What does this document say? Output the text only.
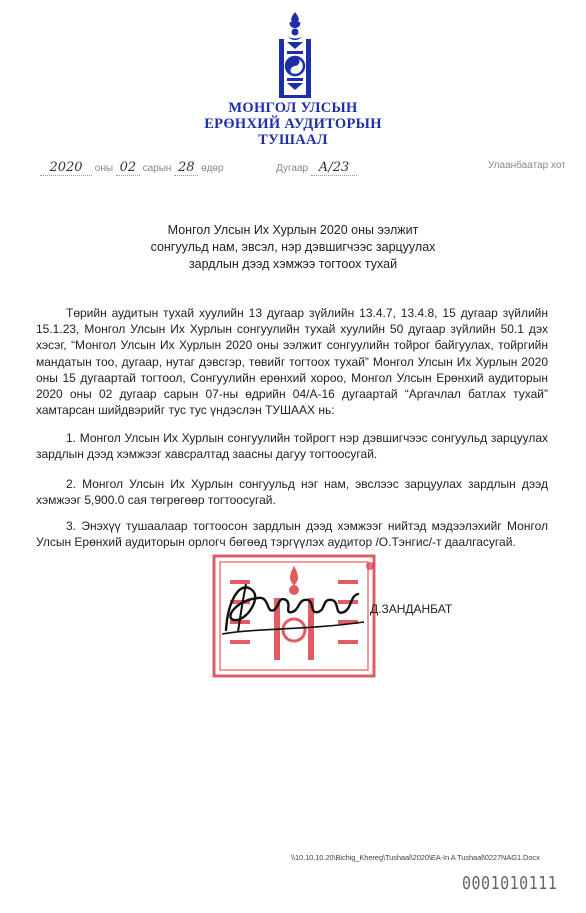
МОНГОЛ УЛСЫН
ЕРӨНХИЙ АУДИТОРЫН
ТУШААЛ
2020 оны 02 сарын 28 өдөр	Дугаар А/23	Улаанбаатар хот
Монгол Улсын Их Хурлын 2020 оны ээлжит
сонгуульд нам, эвсэл, нэр дэвшигчээс зарцуулах
зардлын дээд хэмжээ тогтоох тухай

Төрийн аудитын тухай хуулийн 13 дугаар зүйлийн 13.4.7, 13.4.8, 15 дугаар зүйлийн 15.1.23, Монгол Улсын Их Хурлын сонгуулийн тухай хуулийн 50 дугаар зүйлийн 50.1 дэх хэсэг, “Монгол Улсын Их Хурлын 2020 оны ээлжит сонгуулийн тойрог байгуулах, тойргийн мандатын тоо, дугаар, нутаг дэвсгэр, төвийг тогтоох тухай” Монгол Улсын Их Хурлын 2020 оны 15 дугаартай тогтоол, Сонгуулийн ерөнхий хороо, Монгол Улсын Ерөнхий аудиторын 2020 оны 02 дугаар сарын 07-ны өдрийн 04/А-16 дугаартай “Аргачлал батлах тухай” хамтарсан шийдвэрийг тус тус үндэслэн ТУШААХ нь:

1. Монгол Улсын Их Хурлын сонгуулийн тойрогт нэр дэвшигчээс сонгуульд зарцуулах зардлын дээд хэмжээг хавсралтад заасны дагуу тогтоосугай.

2. Монгол Улсын Их Хурлын сонгуульд нэг нам, эвслээс зарцуулах зардлын дээд хэмжээг 5,900.0 сая төгрөгөөр тогтоосугай.

3. Энэхүү тушаалаар тогтоосон зардлын дээд хэмжээг нийтэд мэдээлэхийг Монгол Улсын Ерөнхий аудиторын орлогч бөгөөд тэргүүлэх аудитор /О.Тэнгис/-т даалгасугай.

Д.ЗАНДАНБАТ
\\10.10.10.20\Bichig_Khereg\Tushaal\2020\EA-In A Tushaal\0227NAG1.Docx
0001010111
